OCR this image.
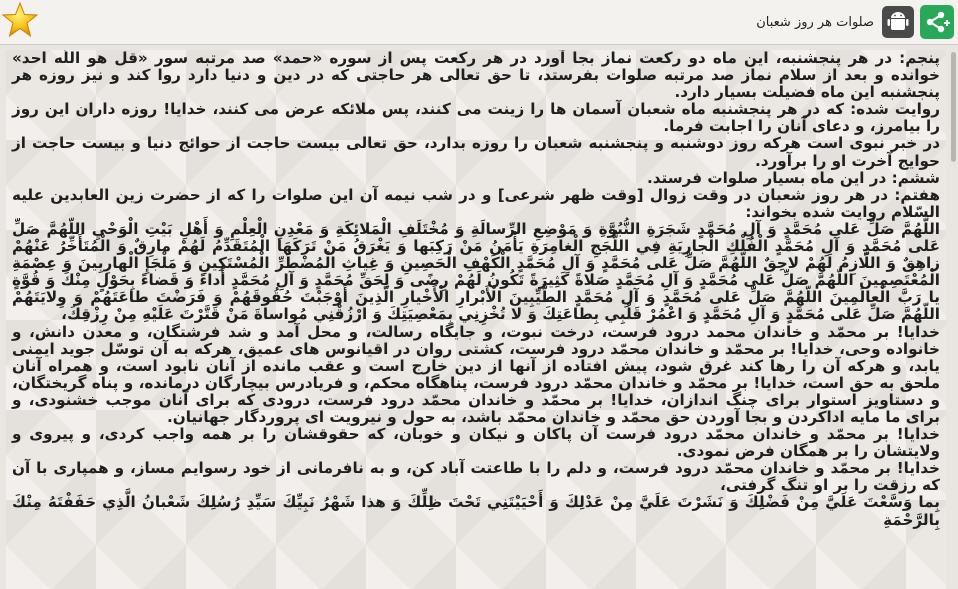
صلوات هر روز شعبان

پنجم: در هر پنجشنبه، این ماه دو رکعت نماز بجا آورد در هر رکعت پس از سوره «حمد» صد مرتبه سور «قل هو اللّه احد» خوانده و بعد از سلام نماز صد مرتبه صلوات بفرستد، تا حق تعالى هر حاجتى كه در دين و دنيا دارد روا كند و نيز روزه هر پنجشنبه اين ماه فضيلت بسيار دارد.

روايت شده: كه در هر پنجشنبه ماه شعبان آسمان ها را زينت مى كنند، پس ملائكه عرض مى كنند، خدايا! روزه داران اين روز را بيامرز، و دعاى آنان را اجابت فرما.

در خبر نبوى است هركه روز دوشنبه و پنجشنبه شعبان را روزه بدارد، حق تعالى بيست حاجت از حوائج دنيا و بيست حاجت از حوايج آخرت او را برآورد.

ششم: در اين ماه بسيار صلوات فرستد.

هفتم: در هر روز شعبان در وقت زوال [وقت ظهر شرعى] و در شب نيمه آن اين صلوات را كه از حضرت زين العابدين عليه السّلام روايت شده بخواند:

اللّهُمَّ صَلِّ عَلى مُحَمَّدٍ وَ آلِ مُحَمَّدٍ شَجَرَةِ النُّبُوَّةِ وَ مَوْضِعِ الرِّسالَةِ وَ مُخْتَلَفِ الْمَلائِكَةِ وَ مَعْدِنِ الْعِلْمِ وَ أَهْلِ بَيْتِ الْوَحْيِ اللّهُمَّ صَلِّ عَلى مُحَمَّدٍ وَ آلِ مُحَمَّدٍ الْفُلْكِ الْجارِيَةِ فِي اللُّجَجِ الْغامِرَةِ يَأْمَنُ مَنْ رَكِبَها وَ يَغْرَقُ مَنْ تَرَكَهَا الْمُتَقَدِّمُ لَهُمْ مارِقٌ وَ الْمُتَأَخِّرُ عَنْهُمْ زاهِقٌ وَ اللّازِمُ لَهُمْ لاحِقٌ اللّهُمَّ صَلِّ عَلى مُحَمَّدٍ وَ آلِ مُحَمَّدٍ الْكَهْفِ الْحَصِينِ وَ غِياثِ الْمُضْطَرِّ الْمُسْتَكِينِ وَ مَلْجَإِ الْهارِبِينَ وَ عِصْمَةِ الْمُعْتَصِمِينَ اللّهُمَّ صَلِّ عَلى مُحَمَّدٍ وَ آلِ مُحَمَّدٍ صَلاةً كَثِيرَةً تَكُونُ لَهُمْ رِضًى وَ لِحَقِّ مُحَمَّدٍ وَ آلِ مُحَمَّدٍ أَداءً وَ قَضاءً بِحَوْلٍ مِنْكَ وَ قُوَّةٍ يا رَبَّ الْعالَمِينَ اللّهُمَّ صَلِّ عَلى مُحَمَّدٍ وَ آلِ مُحَمَّدٍ الطَّيِّبِينَ الْأَبْرارِ الْأَخْيارِ الَّذِينَ أَوْجَبْتَ حُقُوقَهُمْ وَ فَرَضْتَ طاعَتَهُمْ وَ وِلايَتَهُمْ اللّهُمَّ صَلِّ عَلى مُحَمَّدٍ وَ آلِ مُحَمَّدٍ وَ اعْمُرْ قَلْبِي بِطاعَتِكَ وَ لا تُخْزِنِي بِمَعْصِيَتِكَ وَ ارْزُقْنِي مُواساةَ مَنْ قَتَّرْتَ عَلَيْهِ مِنْ رِزْقِكَ،

خدايا! بر محمّد و خاندان محمد درود فرست، درخت نبوت، و جايگاه رسالت، و محل آمد و شد فرشتگان، و معدن دانش، و خانواده وحى، خدايا! بر محمّد و خاندان محمّد درود فرست، كشتى روان در اقيانوس هاى عميق، هركه به آن توسّل جويد ايمنى يابد، و هركه آن را رها كند غرق شود، پيش افتاده از آنها از دين خارج است و عقب مانده از آنان نابود است، و همراه آنان ملحق به حق است، خدايا! بر محمّد و خاندان محمّد درود فرست، پناهگاه محكم، و فريادرس بيچارگان درمانده، و پناه گريختگان، و دستاويز استوار براى چنگ اندازان، خدايا! بر محمّد و خاندان محمّد درود فرست، درودى كه براى آنان موجب خشنودى، و براى ما مايه اداكردن و بجا آوردن حق محمّد و خاندان محمّد باشد، به حول و نيرويت اى پروردگار جهانيان.

خدايا! بر محمّد و خاندان محمّد درود فرست آن پاكان و نيكان و خوبان، كه حقوقشان را بر همه واجب كردى، و پيروى و ولايتشان را بر همگان فرض نمودى.

خدايا! بر محمّد و خاندان محمّد درود فرست، و دلم را با طاعتت آباد كن، و به نافرمانى از خود رسوايم مساز، و همپارى با آن كه رزقت را بر او تنگ گرفتى،

بِما وَسَّعْتَ عَلَيَّ مِنْ فَضْلِكَ وَ نَشَرْتَ عَلَيَّ مِنْ عَدْلِكَ وَ أَحْيَيْتَنِي تَحْتَ ظِلِّكَ وَ هذا شَهْرُ نَبِيِّكَ سَيِّدِ رُسُلِكَ شَعْبانُ الَّذِي حَفَفْتَهُ مِنْكَ بِالرَّحْمَةِ
